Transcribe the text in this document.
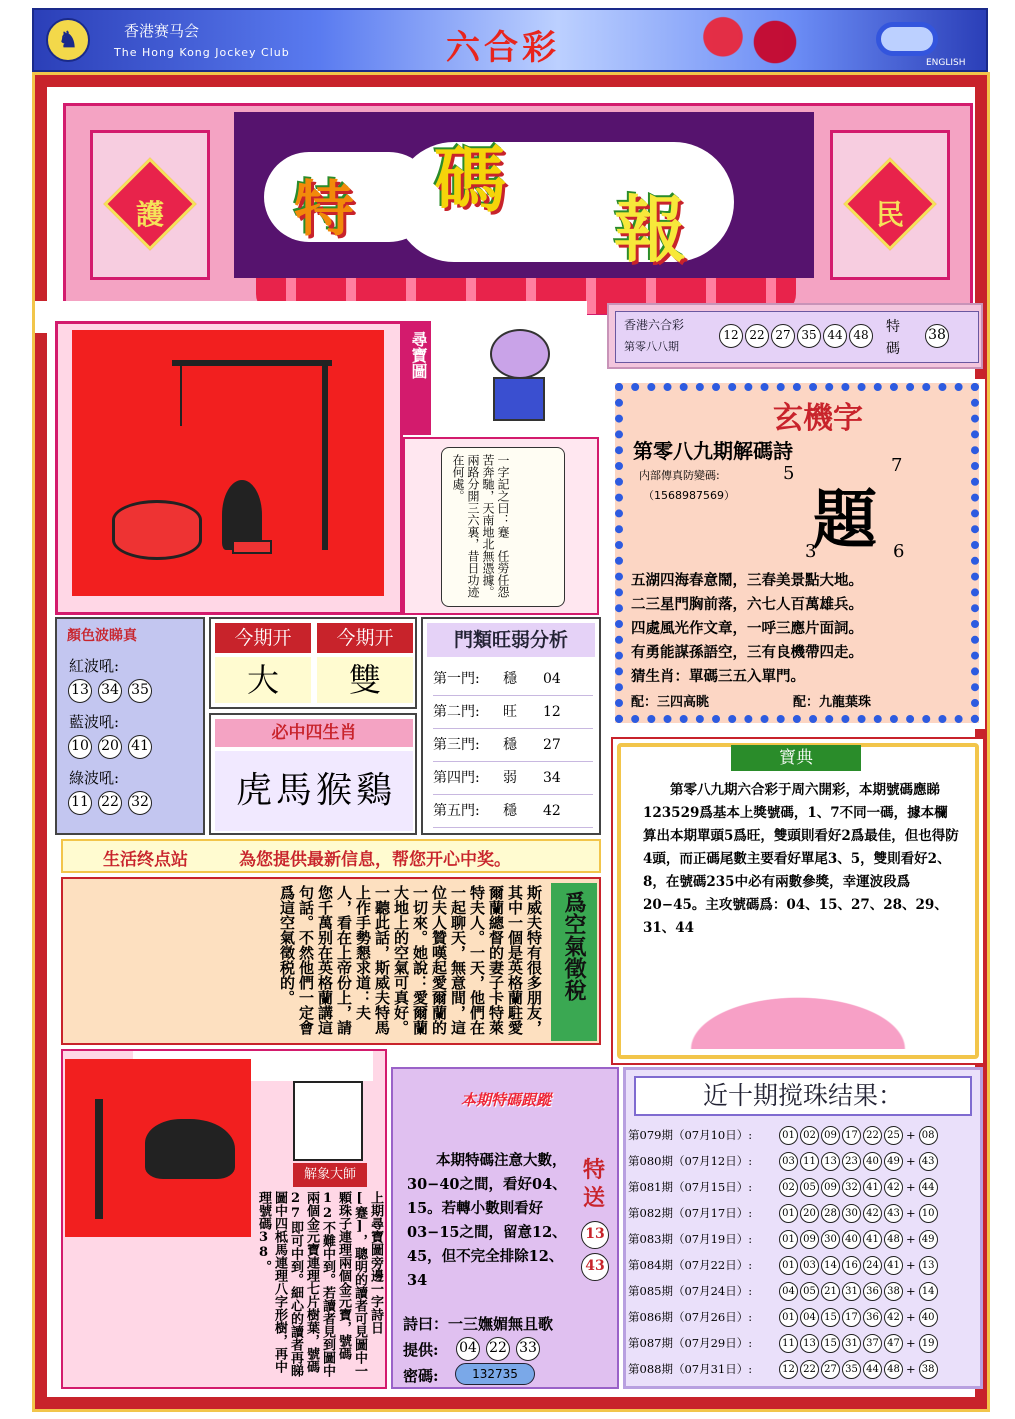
♞	香港赛马会
The Hong Kong Jockey Club	六合彩	ENGLISH
護	特 碼
報	民
尋寶圖
一字記之曰：蹇　任勞任怨苦奔馳，天南地北無憑據。兩路分開三六裏，昔日功迹在何處。
香港六合彩
第零八八期
12 22 27 35 44 48	特
碼
38
玄機字
第零八九期解碼詩
内部傳真防變碼:
（1568987569）
5	7
題
3	6
五湖四海春意鬧，三春美景點大地。
二三星門胸前落，六七人百萬雄兵。
四處風光作文章，一呼三應片面詞。
有勇能謀孫語空，三有良機帶四走。
猜生肖：單碼三五入單門。
配：三四高眺	配：九龍葉珠
顏色波睇真
紅波吼:
13 34 35
藍波吼:
10 20 41
綠波吼:
11 22 32
今期开	今期开
大	雙
必中四生肖
虎 馬 猴 鷄
門類旺弱分析
第一門:	穩	04
第二門:	旺	12
第三門:	穩	27
第四門:	弱	34
第五門:	穩	42
寶典
第零八九期六合彩于周六開彩，本期號碼應睇123529爲基本上獎號碼，1、7不同一碼，據本欄算出本期單頭5爲旺，雙頭則看好2爲最佳，但也得防4頭，而正碼尾數主要看好單尾3、5，雙則看好2、8，在號碼235中必有兩數參獎，幸運波段爲20−45。主攻號碼爲：04、15、27、28、29、31、44
生活终点站	為您提供最新信息，帮您开心中奖。
爲空氣徵稅
斯威夫特有很多朋友，其中一個是英格蘭駐愛爾蘭總督的妻子卡特萊特夫人。一天，他們在一起聊天，無意間，這位夫人贊嘆起愛爾蘭的一切來。她說：愛爾蘭大地上的空氣可真好。一聽此話，斯威夫特馬上作手勢懇求道：夫人，看在上帝份上，請您千萬别在英格蘭講這句話。不然他們一定會爲這空氣徵税的。
解象大師
上期尋寶圖旁邊一字詩日[蹇]，聰明的讀者可見圖中一顆珠子連理兩個金元寶，號碼12不難中到。若讀者見到圖中兩個金元寶連理七片樹葉，號碼27即可中到。細心的讀者再睇圖中四柢馬連理八字形樹，再中理號碼38。
本期特碼跟蹤
本期特碼注意大數，30−40之間，看好04、15。若轉小數則看好03−15之間，留意12、45，但不完全排除12、34
特
送
13
43
詩曰：一三嫵媚無且歌
提供:	04 22 33
密碼:	132735
近十期搅珠结果：
第079期（07月10日）:	01 02 09 17 22 25 + 08
第080期（07月12日）:	03 11 13 23 40 49 + 43
第081期（07月15日）:	02 05 09 32 41 42 + 44
第082期（07月17日）:	01 20 28 30 42 43 + 10
第083期（07月19日）:	01 09 30 40 41 48 + 49
第084期（07月22日）:	01 03 14 16 24 41 + 13
第085期（07月24日）:	04 05 21 31 36 38 + 14
第086期（07月26日）:	01 04 15 17 36 42 + 40
第087期（07月29日）:	11 13 15 31 37 47 + 19
第088期（07月31日）:	12 22 27 35 44 48 + 38
